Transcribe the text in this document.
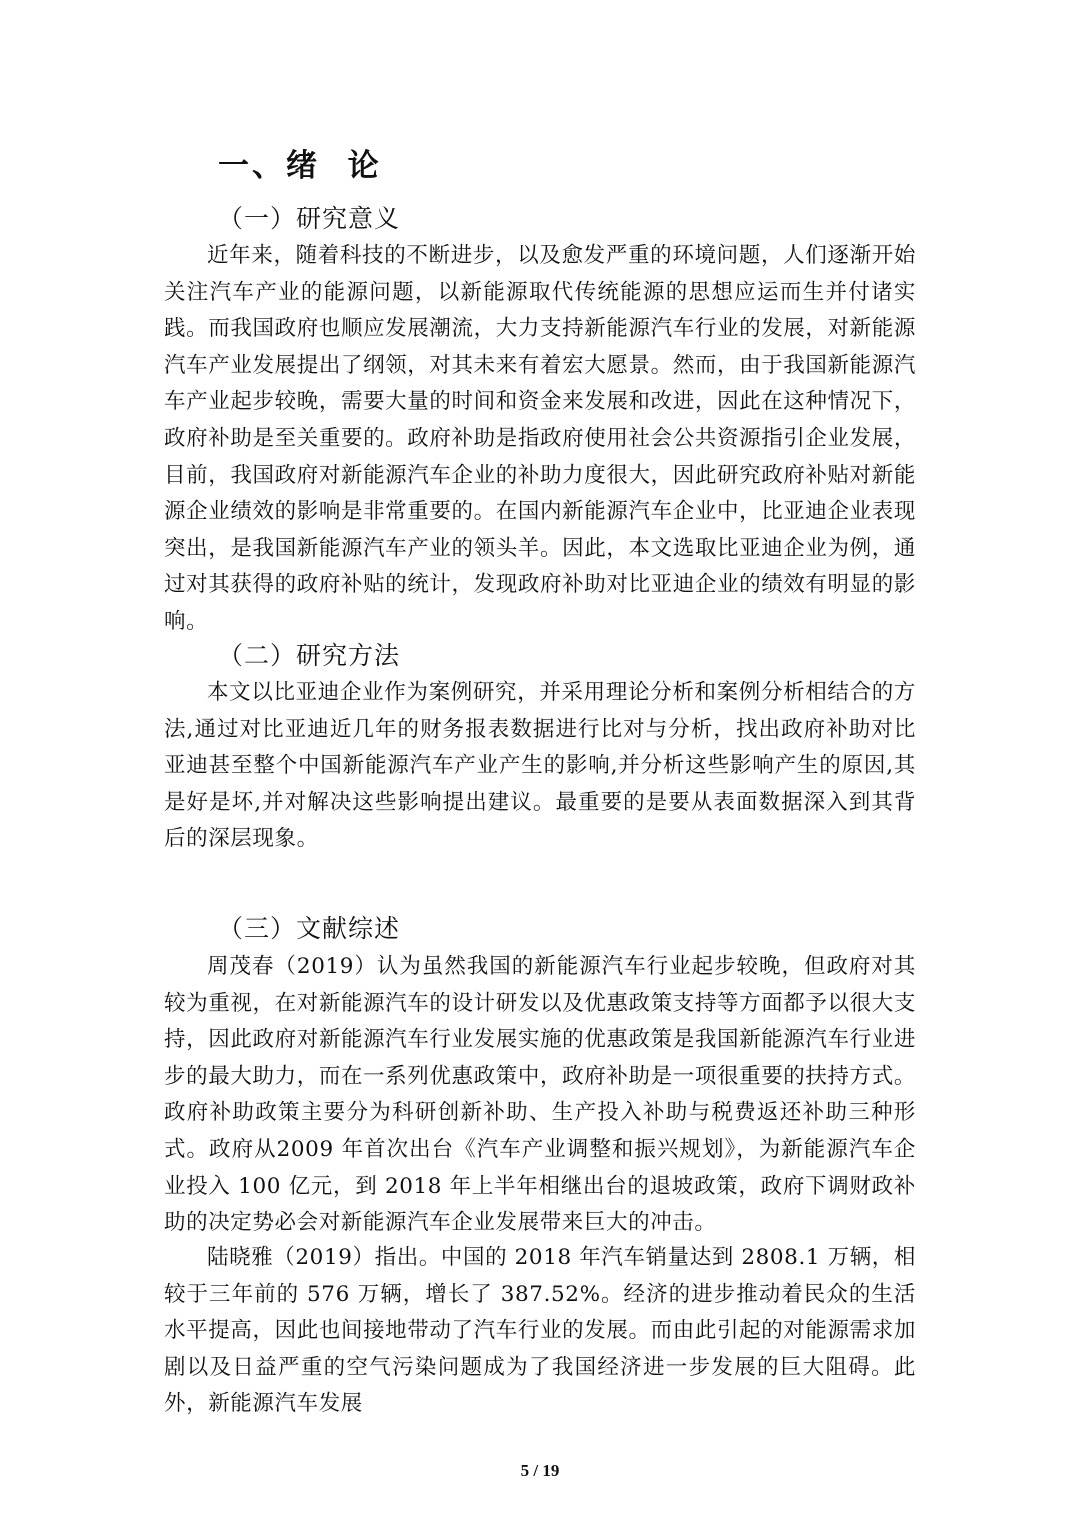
一、绪  论
（一）研究意义

近年来，随着科技的不断进步，以及愈发严重的环境问题，人们逐渐开始关注汽车产业的能源问题，以新能源取代传统能源的思想应运而生并付诸实践。而我国政府也顺应发展潮流，大力支持新能源汽车行业的发展，对新能源汽车产业发展提出了纲领，对其未来有着宏大愿景。然而，由于我国新能源汽车产业起步较晚，需要大量的时间和资金来发展和改进，因此在这种情况下，政府补助是至关重要的。政府补助是指政府使用社会公共资源指引企业发展，目前，我国政府对新能源汽车企业的补助力度很大，因此研究政府补贴对新能源企业绩效的影响是非常重要的。在国内新能源汽车企业中，比亚迪企业表现突出，是我国新能源汽车产业的领头羊。因此，本文选取比亚迪企业为例，通过对其获得的政府补贴的统计，发现政府补助对比亚迪企业的绩效有明显的影响。

（二）研究方法

本文以比亚迪企业作为案例研究，并采用理论分析和案例分析相结合的方法,通过对比亚迪近几年的财务报表数据进行比对与分析，找出政府补助对比亚迪甚至整个中国新能源汽车产业产生的影响,并分析这些影响产生的原因,其是好是坏,并对解决这些影响提出建议。最重要的是要从表面数据深入到其背后的深层现象。

（三）文献综述

周茂春（2019）认为虽然我国的新能源汽车行业起步较晚，但政府对其较为重视，在对新能源汽车的设计研发以及优惠政策支持等方面都予以很大支持，因此政府对新能源汽车行业发展实施的优惠政策是我国新能源汽车行业进步的最大助力，而在一系列优惠政策中，政府补助是一项很重要的扶持方式。政府补助政策主要分为科研创新补助、生产投入补助与税费返还补助三种形式。政府从2009 年首次出台《汽车产业调整和振兴规划》，为新能源汽车企业投入 100 亿元，到 2018 年上半年相继出台的退坡政策，政府下调财政补助的决定势必会对新能源汽车企业发展带来巨大的冲击。

陆晓雅（2019）指出。中国的 2018 年汽车销量达到 2808.1 万辆，相较于三年前的 576 万辆，增长了 387.52%。经济的进步推动着民众的生活水平提高，因此也间接地带动了汽车行业的发展。而由此引起的对能源需求加剧以及日益严重的空气污染问题成为了我国经济进一步发展的巨大阻碍。此外，新能源汽车发展

5 / 19
